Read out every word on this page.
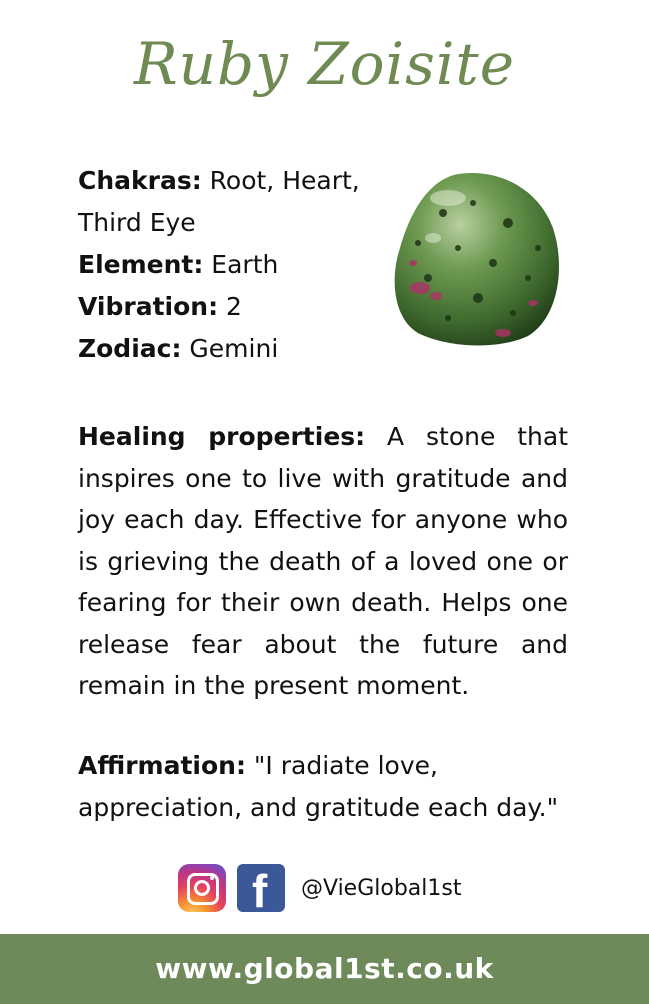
Ruby Zoisite

Chakras: Root, Heart,
Third Eye

Element: Earth

Vibration: 2

Zodiac: Gemini

Healing properties: A stone that inspires one to live with gratitude and joy each day. Effective for anyone who is grieving the death of a loved one or fearing for their own death. Helps one release fear about the future and remain in the present moment.

Affirmation: "I radiate love,
appreciation, and gratitude each day."

f @VieGlobal1st
www.global1st.co.uk
